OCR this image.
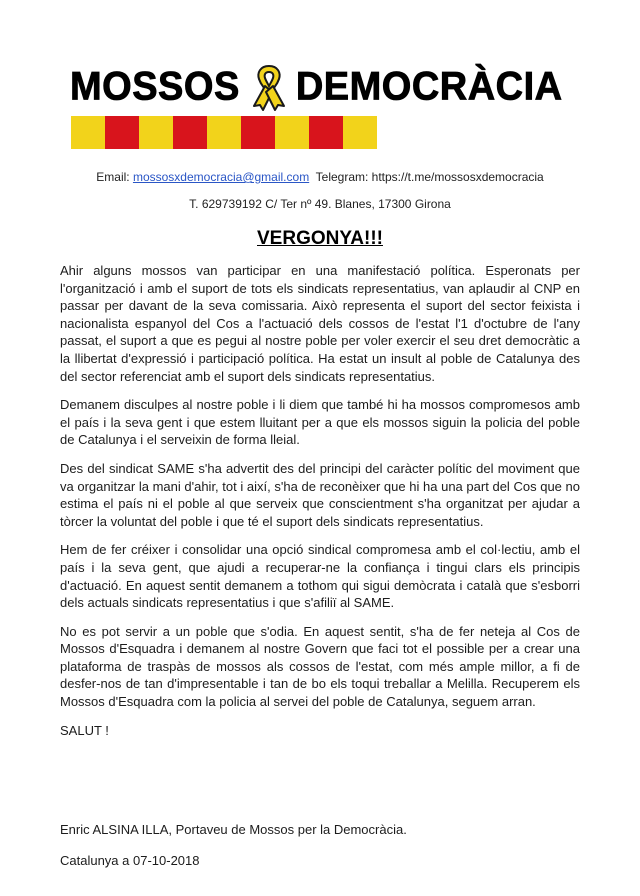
MOSSOS DEMOCRÀCIA
Email: mossosxdemocracia@gmail.com Telegram: https://t.me/mossosxdemocracia
T. 629739192 C/ Ter nº 49. Blanes, 17300 Girona
VERGONYA!!!

Ahir alguns mossos van participar en una manifestació política. Esperonats per l'organització i amb el suport de tots els sindicats representatius, van aplaudir al CNP en passar per davant de la seva comissaria. Això representa el suport del sector feixista i nacionalista espanyol del Cos a l'actuació dels cossos de l'estat l'1 d'octubre de l'any passat, el suport a que es pegui al nostre poble per voler exercir el seu dret democràtic a la llibertat d'expressió i participació política. Ha estat un insult al poble de Catalunya des del sector referenciat amb el suport dels sindicats representatius.

Demanem disculpes al nostre poble i li diem que també hi ha mossos compromesos amb el país i la seva gent i que estem lluitant per a que els mossos siguin la policia del poble de Catalunya i el serveixin de forma lleial.

Des del sindicat SAME s'ha advertit des del principi del caràcter polític del moviment que va organitzar la mani d'ahir, tot i així, s'ha de reconèixer que hi ha una part del Cos que no estima el país ni el poble al que serveix que conscientment s'ha organitzat per ajudar a tòrcer la voluntat del poble i que té el suport dels sindicats representatius.

Hem de fer créixer i consolidar una opció sindical compromesa amb el col·lectiu, amb el país i la seva gent, que ajudi a recuperar-ne la confiança i tingui clars els principis d'actuació. En aquest sentit demanem a tothom qui sigui demòcrata i català que s'esborri dels actuals sindicats representatius i que s'afiliï al SAME.

No es pot servir a un poble que s'odia. En aquest sentit, s'ha de fer neteja al Cos de Mossos d'Esquadra i demanem al nostre Govern que faci tot el possible per a crear una plataforma de traspàs de mossos als cossos de l'estat, com més ample millor, a fi de desfer-nos de tan d'impresentable i tan de bo els toqui treballar a Melilla. Recuperem els Mossos d'Esquadra com la policia al servei del poble de Catalunya, seguem arran.

SALUT !

Enric ALSINA ILLA, Portaveu de Mossos per la Democràcia.
Catalunya a 07-10-2018
